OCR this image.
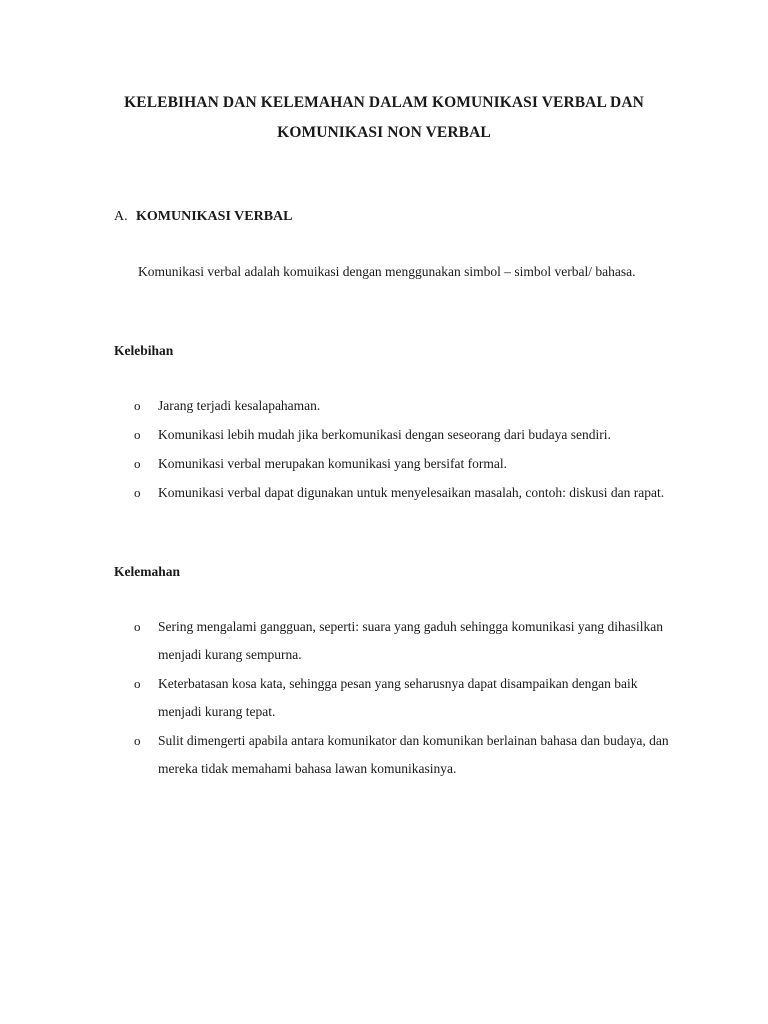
KELEBIHAN DAN KELEMAHAN DALAM KOMUNIKASI VERBAL DAN
KOMUNIKASI NON VERBAL
A. KOMUNIKASI VERBAL

Komunikasi verbal adalah komuikasi dengan menggunakan simbol – simbol verbal/ bahasa.

Kelebihan
o Jarang terjadi kesalapahaman.
o Komunikasi lebih mudah jika berkomunikasi dengan seseorang dari budaya sendiri.
o Komunikasi verbal merupakan komunikasi yang bersifat formal.
o Komunikasi verbal dapat digunakan untuk menyelesaikan masalah, contoh: diskusi dan rapat.
Kelemahan
o Sering mengalami gangguan, seperti: suara yang gaduh sehingga komunikasi yang dihasilkan menjadi kurang sempurna.
o Keterbatasan kosa kata, sehingga pesan yang seharusnya dapat disampaikan dengan baik menjadi kurang tepat.
o Sulit dimengerti apabila antara komunikator dan komunikan berlainan bahasa dan budaya, dan mereka tidak memahami bahasa lawan komunikasinya.
